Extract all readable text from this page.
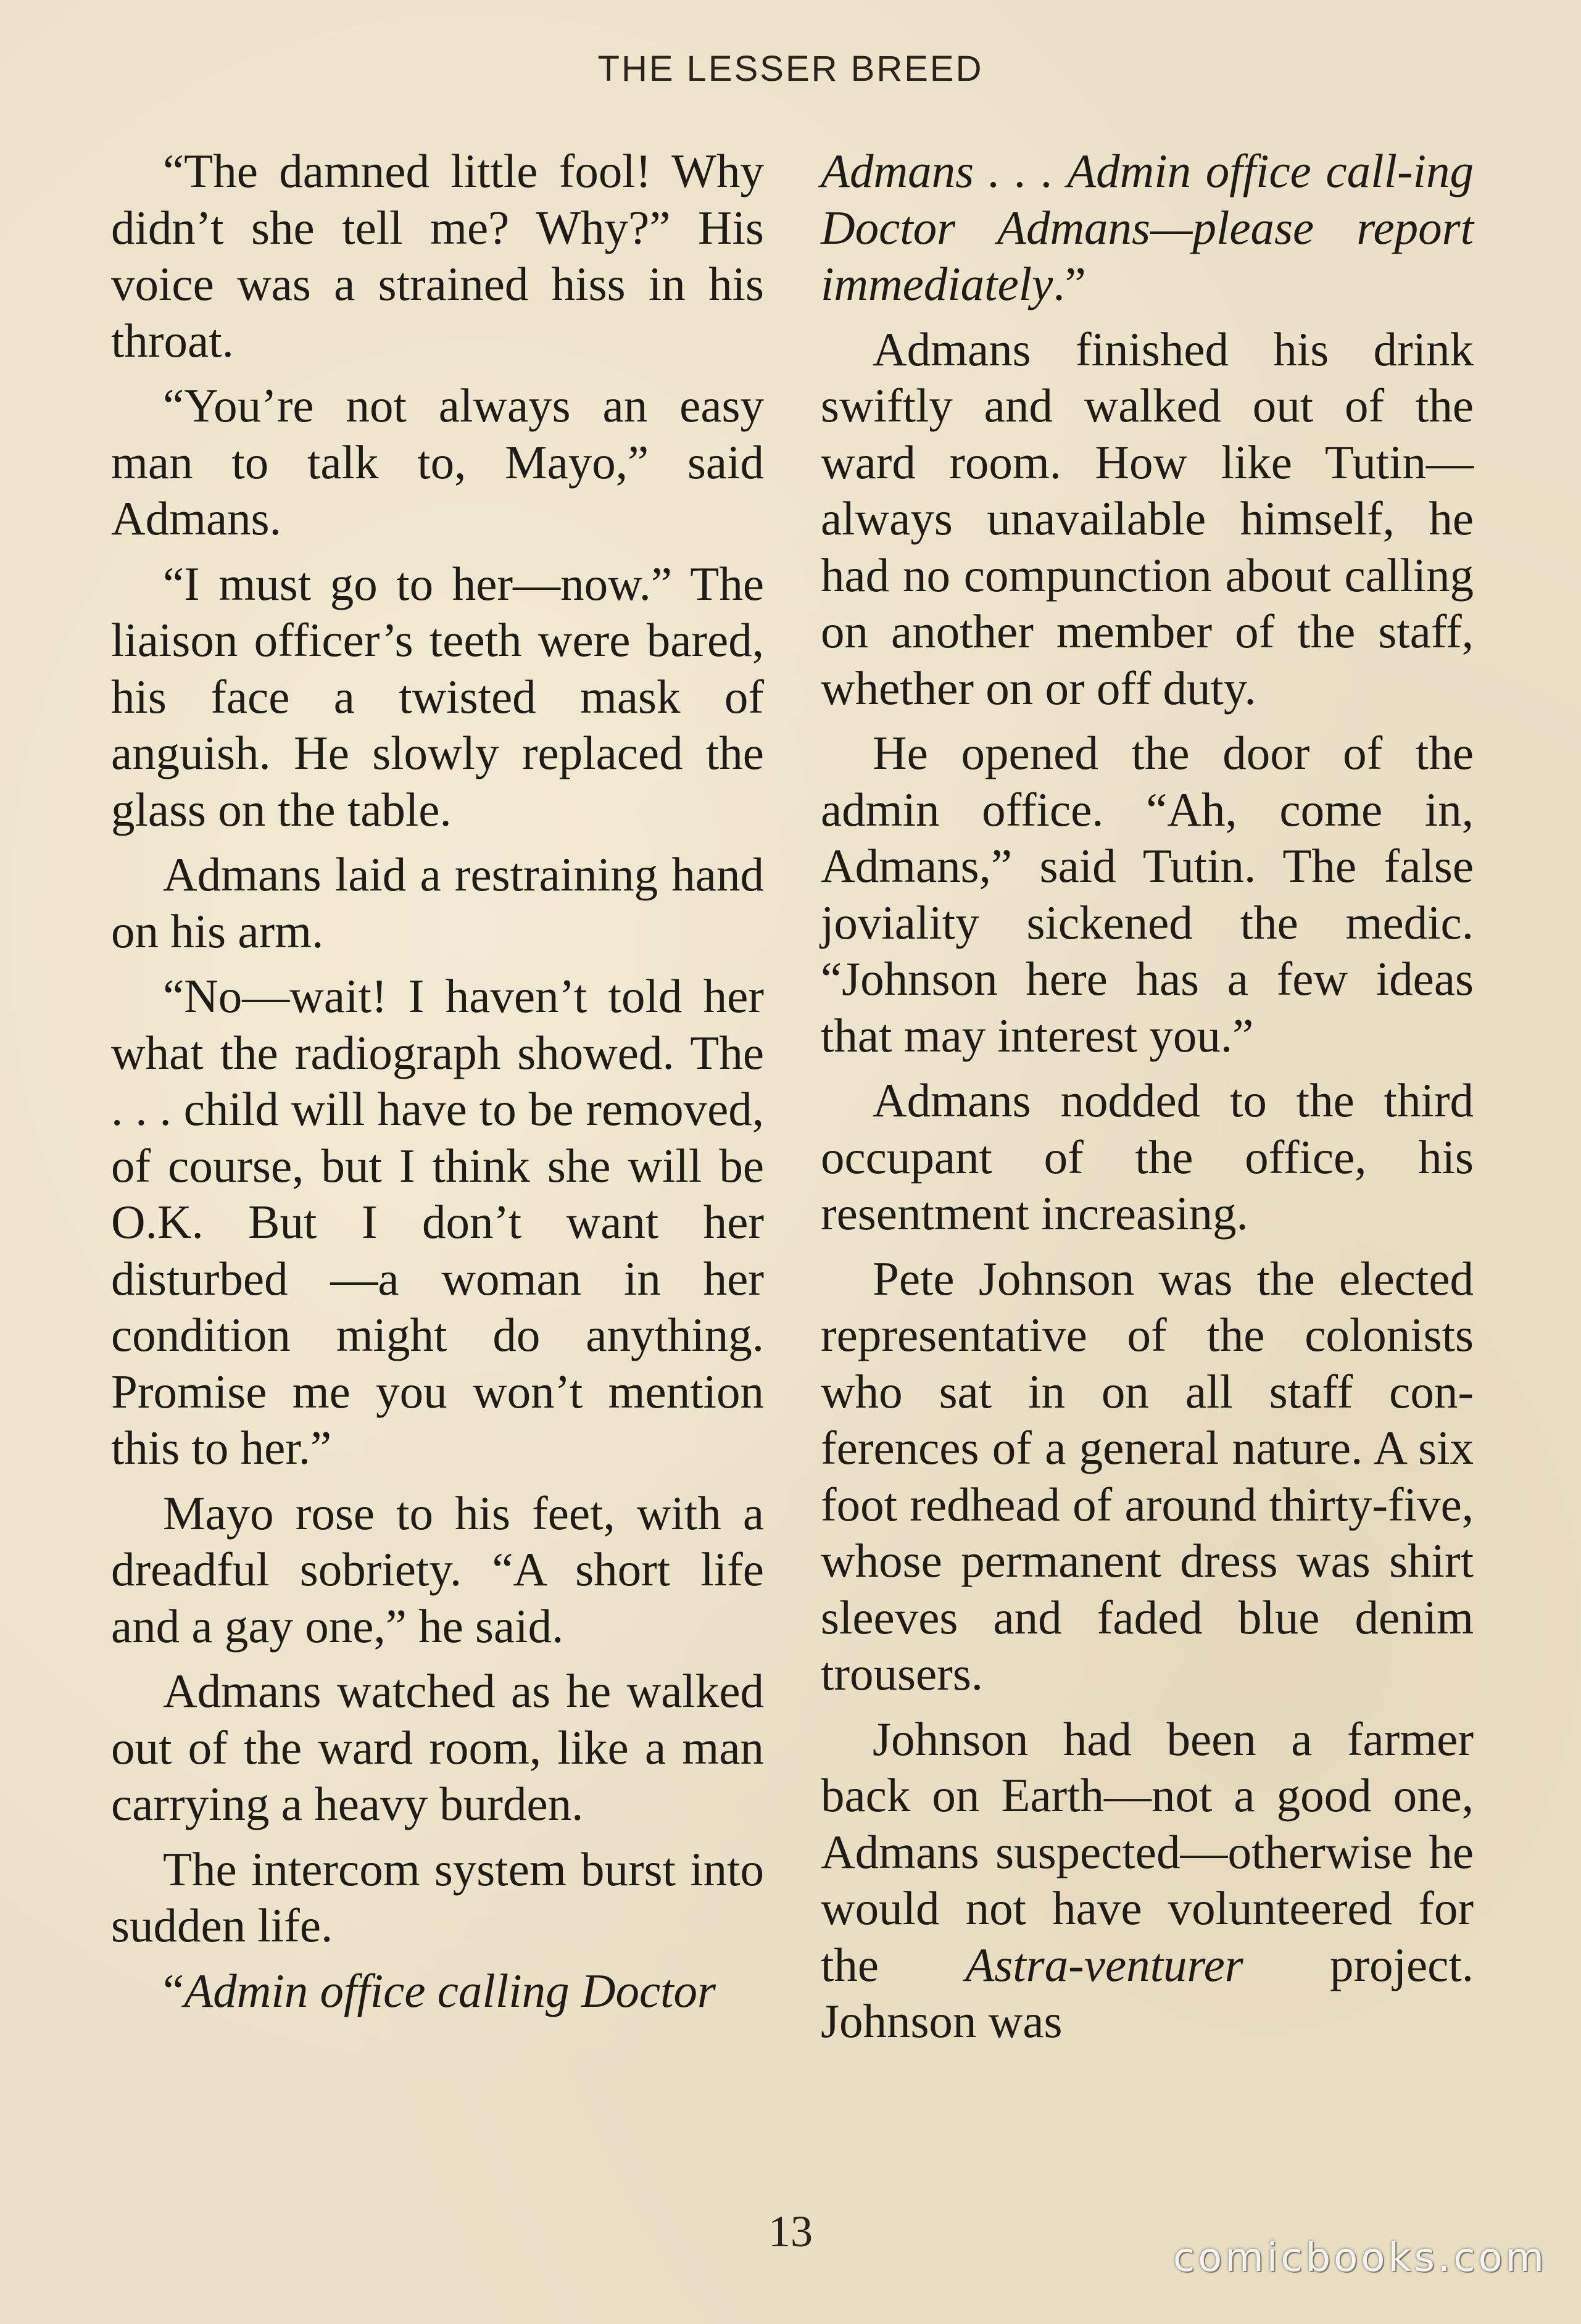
THE LESSER BREED

“The damned little fool! Why didn’t she tell me? Why?” His voice was a strained hiss in his throat.

“You’re not always an easy man to talk to, Mayo,” said Admans.

“I must go to her—now.” The liaison officer’s teeth were bared, his face a twisted mask of anguish. He slowly replaced the glass on the table.

Admans laid a restraining hand on his arm.

“No—wait! I haven’t told her what the radiograph showed. The . . . child will have to be removed, of course, but I think she will be O.K. But I don’t want her disturbed —a woman in her condition might do anything. Promise me you won’t mention this to her.”

Mayo rose to his feet, with a dreadful sobriety. “A short life and a gay one,” he said.

Admans watched as he walked out of the ward room, like a man carrying a heavy burden.

The intercom system burst into sudden life.

“Admin office calling Doctor

Admans . . . Admin office call-ing Doctor Admans—please report immediately.”

Admans finished his drink swiftly and walked out of the ward room. How like Tutin—always unavailable himself, he had no compunction about calling on another member of the staff, whether on or off duty.

He opened the door of the admin office. “Ah, come in, Admans,” said Tutin. The false joviality sickened the medic. “Johnson here has a few ideas that may interest you.”

Admans nodded to the third occupant of the office, his resentment increasing.

Pete Johnson was the elected representative of the colonists who sat in on all staff con-ferences of a general nature. A six foot redhead of around thirty-five, whose permanent dress was shirt sleeves and faded blue denim trousers.

Johnson had been a farmer back on Earth—not a good one, Admans suspected—otherwise he would not have volunteered for the Astra-venturer project. Johnson was

13
comicbooks.com
